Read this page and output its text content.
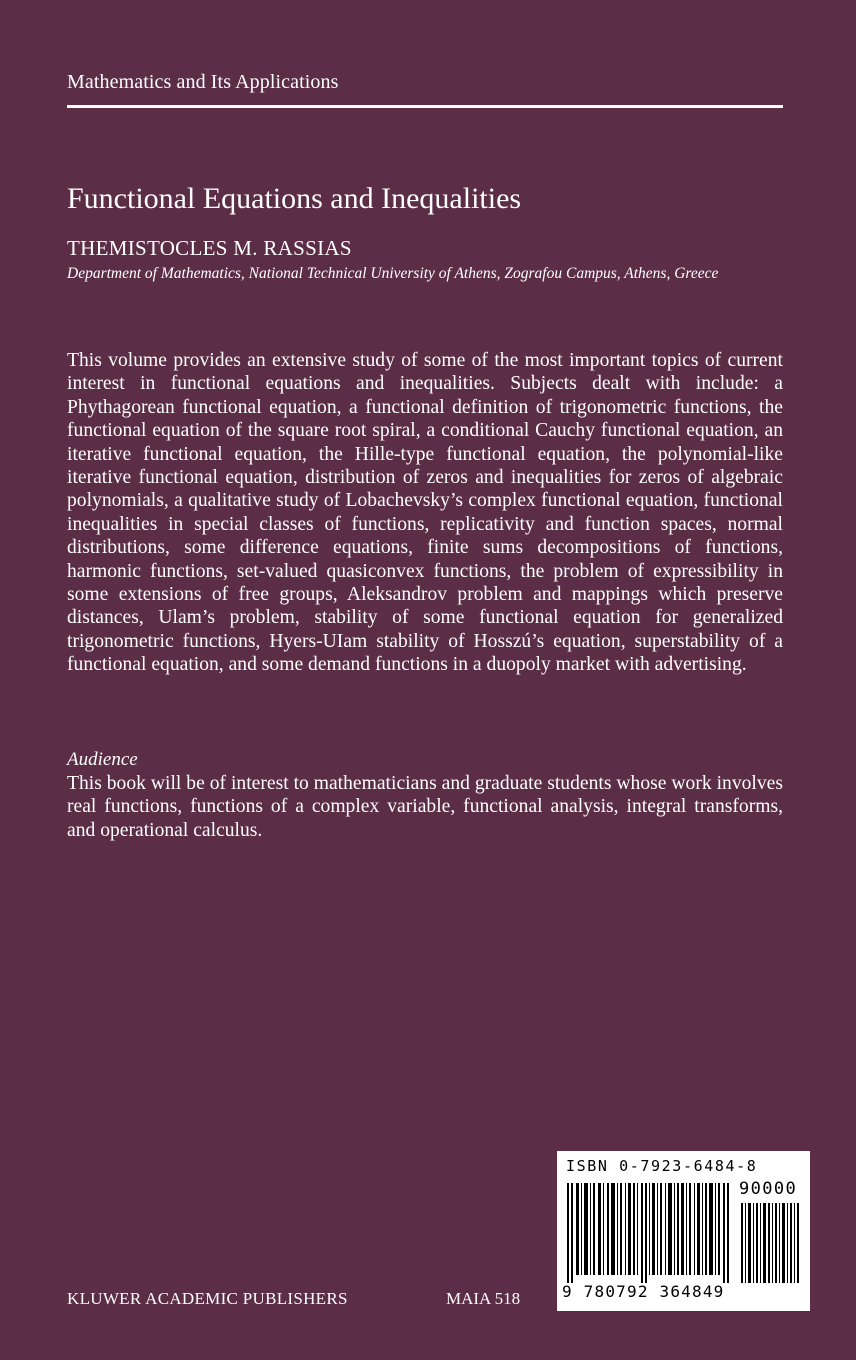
Mathematics and Its Applications
Functional Equations and Inequalities
THEMISTOCLES M. RASSIAS
Department of Mathematics, National Technical University of Athens, Zografou Campus, Athens, Greece

This volume provides an extensive study of some of the most important topics of current interest in functional equations and inequalities. Subjects dealt with include: a Phythagorean functional equation, a functional definition of trigonometric functions, the functional equation of the square root spiral, a conditional Cauchy functional equation, an iterative functional equation, the Hille-type functional equation, the polynomial-like iterative functional equation, distribution of zeros and inequalities for zeros of algebraic polynomials, a qualitative study of Lobachevsky’s complex functional equation, functional inequalities in special classes of functions, replicativity and function spaces, normal distributions, some difference equations, finite sums decompositions of functions, harmonic functions, set-valued quasiconvex functions, the problem of expressibility in some extensions of free groups, Aleksandrov problem and mappings which preserve distances, Ulam’s problem, stability of some functional equation for generalized trigonometric functions, Hyers-UIam stability of Hosszú’s equation, superstability of a functional equation, and some demand functions in a duopoly market with advertising.

Audience

This book will be of interest to mathematicians and graduate students whose work involves real functions, functions of a complex variable, functional analysis, integral transforms, and operational calculus.

KLUWER ACADEMIC PUBLISHERS	MAIA 518
ISBN 0-7923-6484-8
90000
9 780792 364849
